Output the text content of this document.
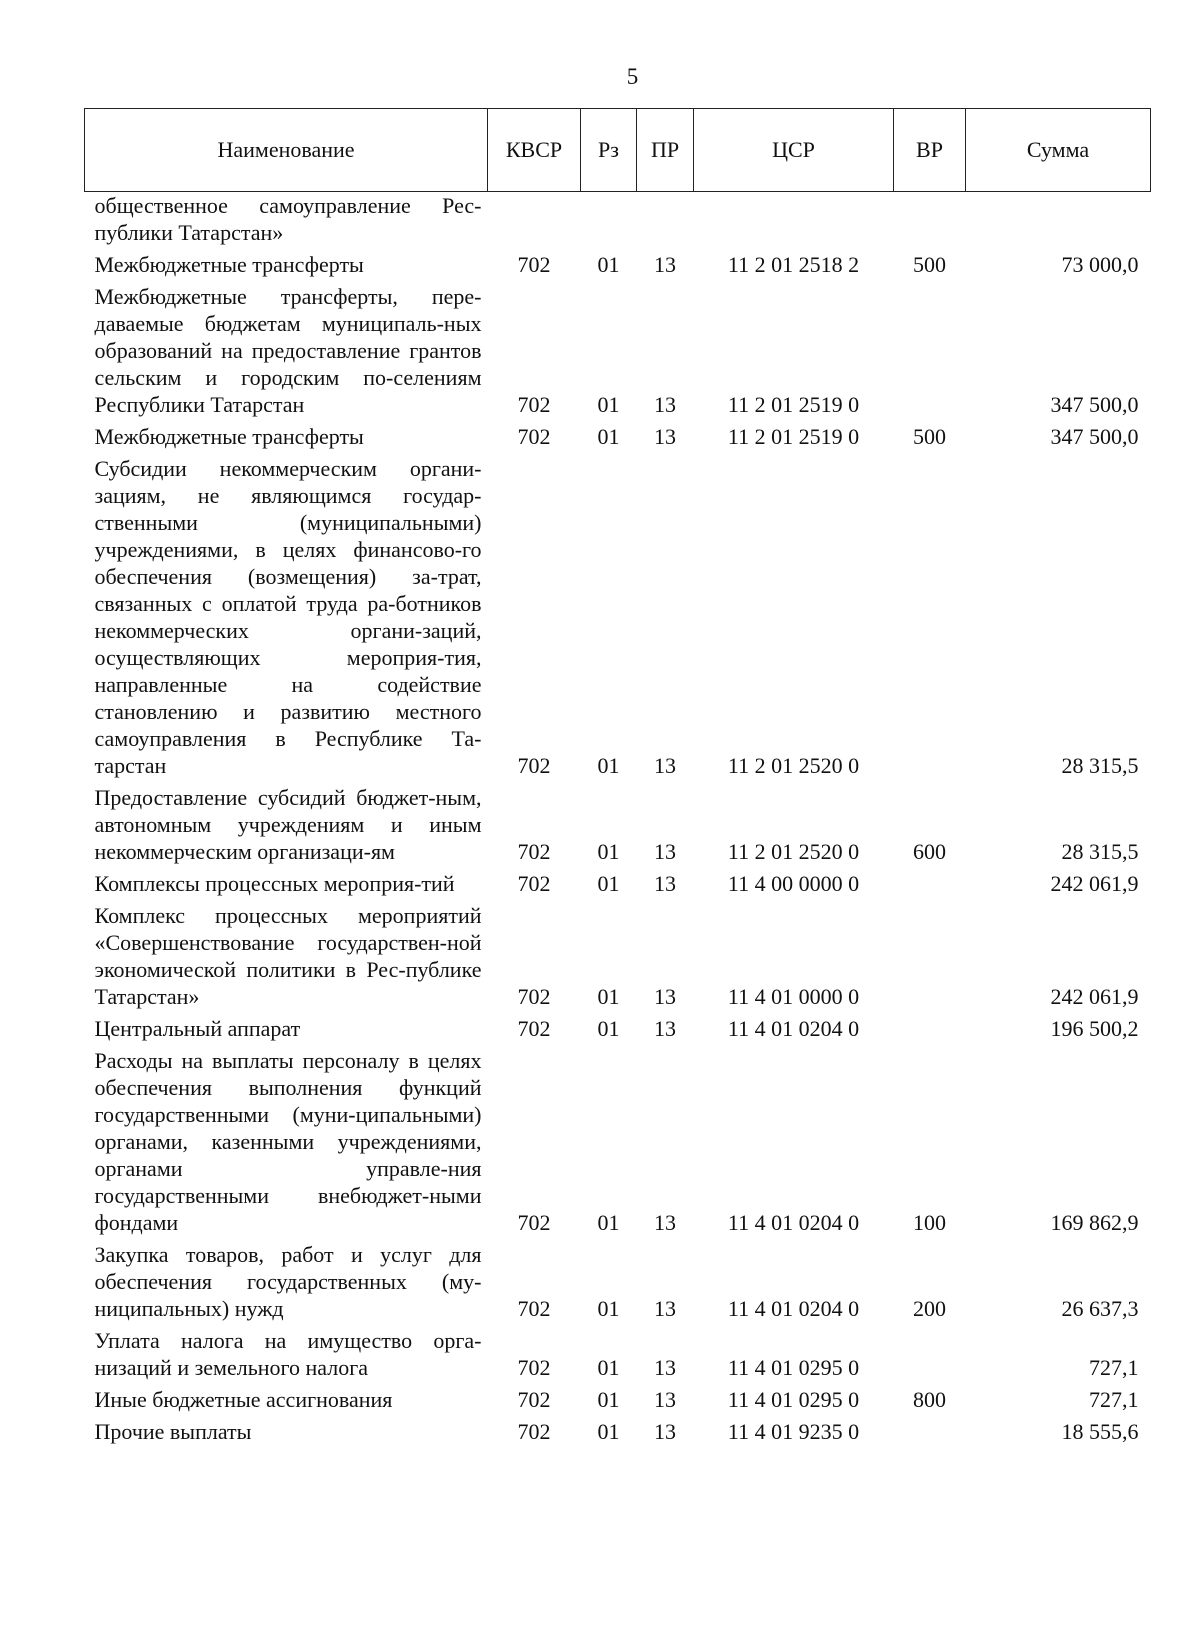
5
Наименование	КВСР	Рз	ПР	ЦСР	ВР	Сумма
общественное самоуправление Рес-публики Татарстан»						
Межбюджетные трансферты	702	01	13	11 2 01 2518 2	500	73 000,0
Межбюджетные трансферты, пере-даваемые бюджетам муниципаль-ных образований на предоставление грантов сельским и городским по-селениям Республики Татарстан	702	01	13	11 2 01 2519 0		347 500,0
Межбюджетные трансферты	702	01	13	11 2 01 2519 0	500	347 500,0
Субсидии некоммерческим органи-зациям, не являющимся государ-ственными (муниципальными) учреждениями, в целях финансово-го обеспечения (возмещения) за-трат, связанных с оплатой труда ра-ботников некоммерческих органи-заций, осуществляющих мероприя-тия, направленные на содействие становлению и развитию местного самоуправления в Республике Та-тарстан	702	01	13	11 2 01 2520 0		28 315,5
Предоставление субсидий бюджет-ным, автономным учреждениям и иным некоммерческим организаци-ям	702	01	13	11 2 01 2520 0	600	28 315,5
Комплексы процессных мероприя-тий	702	01	13	11 4 00 0000 0		242 061,9
Комплекс процессных мероприятий «Совершенствование государствен-ной экономической политики в Рес-публике Татарстан»	702	01	13	11 4 01 0000 0		242 061,9
Центральный аппарат	702	01	13	11 4 01 0204 0		196 500,2
Расходы на выплаты персоналу в целях обеспечения выполнения функций государственными (муни-ципальными) органами, казенными учреждениями, органами управле-ния государственными внебюджет-ными фондами	702	01	13	11 4 01 0204 0	100	169 862,9
Закупка товаров, работ и услуг для обеспечения государственных (му-ниципальных) нужд	702	01	13	11 4 01 0204 0	200	26 637,3
Уплата налога на имущество орга-низаций и земельного налога	702	01	13	11 4 01 0295 0		727,1
Иные бюджетные ассигнования	702	01	13	11 4 01 0295 0	800	727,1
Прочие выплаты	702	01	13	11 4 01 9235 0		18 555,6
